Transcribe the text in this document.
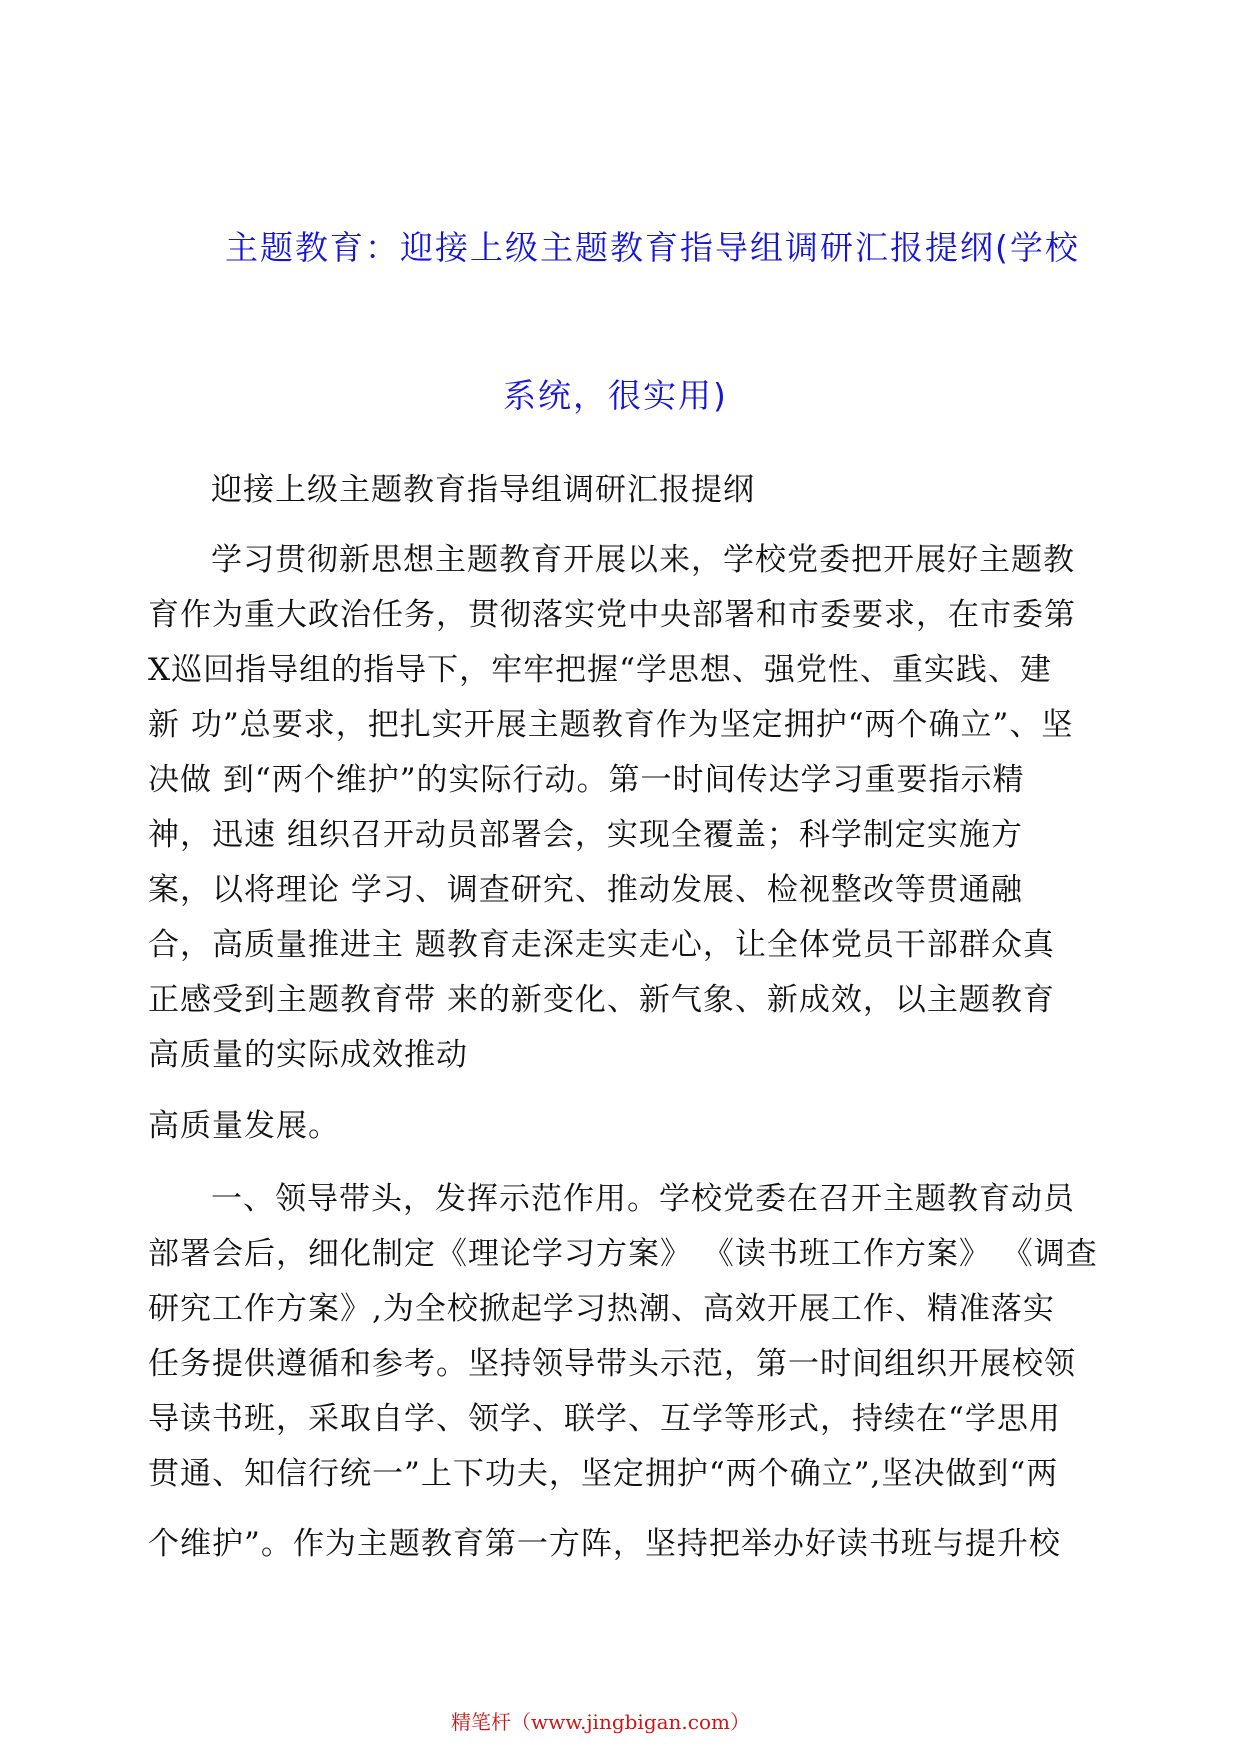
主题教育：迎接上级主题教育指导组调研汇报提纲(学校
系统，很实用)
迎接上级主题教育指导组调研汇报提纲
学习贯彻新思想主题教育开展以来，学校党委把开展好主题教
育作为重大政治任务，贯彻落实党中央部署和市委要求，在市委第
X巡回指导组的指导下，牢牢把握“学思想、强党性、重实践、建
新 功”总要求，把扎实开展主题教育作为坚定拥护“两个确立”、坚
决做 到“两个维护”的实际行动。第一时间传达学习重要指示精
神，迅速 组织召开动员部署会，实现全覆盖；科学制定实施方
案，以将理论 学习、调查研究、推动发展、检视整改等贯通融
合，高质量推进主 题教育走深走实走心，让全体党员干部群众真
正感受到主题教育带 来的新变化、新气象、新成效，以主题教育
高质量的实际成效推动
高质量发展。
一、领导带头，发挥示范作用。学校党委在召开主题教育动员
部署会后，细化制定《理论学习方案》 《读书班工作方案》 《调查
研究工作方案》,为全校掀起学习热潮、高效开展工作、精准落实
任务提供遵循和参考。坚持领导带头示范，第一时间组织开展校领
导读书班，采取自学、领学、联学、互学等形式，持续在“学思用
贯通、知信行统一”上下功夫，坚定拥护“两个确立”,坚决做到“两
个维护”。作为主题教育第一方阵，坚持把举办好读书班与提升校
精笔杆（www.jingbigan.com）
